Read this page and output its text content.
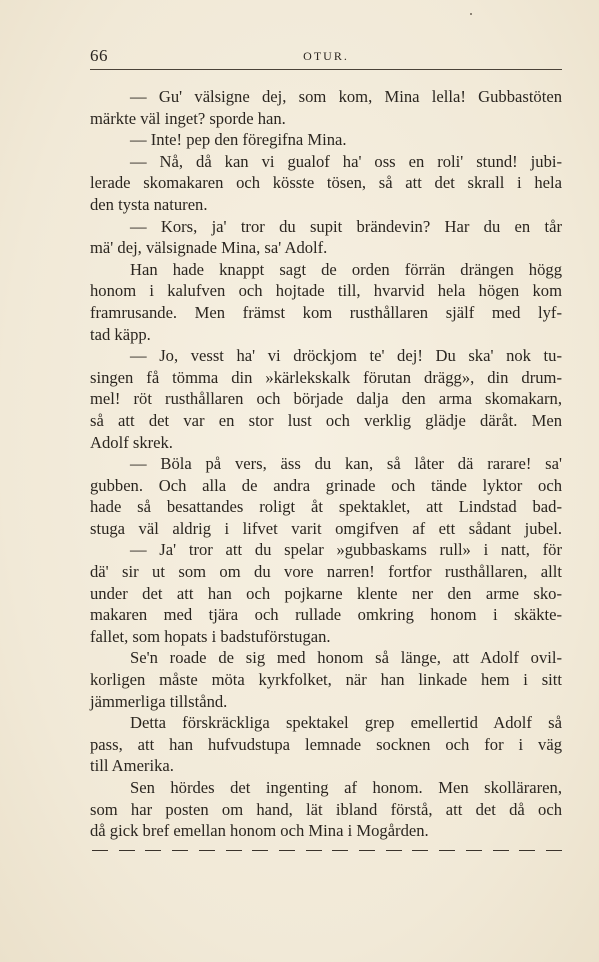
66	OTUR.
— Gu' välsigne dej, som kom, Mina lella! Gubbastöten
märkte väl inget? sporde han.
— Inte! pep den föregifna Mina.
— Nå, då kan vi gualof ha' oss en roli' stund! jubi-
lerade skomakaren och kösste tösen, så att det skrall i hela
den tysta naturen.
— Kors, ja' tror du supit brändevin? Har du en tår
mä' dej, välsignade Mina, sa' Adolf.
Han hade knappt sagt de orden förrän drängen högg
honom i kalufven och hojtade till, hvarvid hela högen kom
framrusande. Men främst kom rusthållaren själf med lyf-
tad käpp.
— Jo, vesst ha' vi dröckjom te' dej! Du ska' nok tu-
singen få tömma din »kärlekskalk förutan drägg», din drum-
mel! röt rusthållaren och började dalja den arma skomakarn,
så att det var en stor lust och verklig glädje däråt. Men
Adolf skrek.
— Böla på vers, äss du kan, så låter dä rarare! sa'
gubben. Och alla de andra grinade och tände lyktor och
hade så besattandes roligt åt spektaklet, att Lindstad bad-
stuga väl aldrig i lifvet varit omgifven af ett sådant jubel.
— Ja' tror att du spelar »gubbaskams rull» i natt, för
dä' sir ut som om du vore narren! fortfor rusthållaren, allt
under det att han och pojkarne klente ner den arme sko-
makaren med tjära och rullade omkring honom i skäkte-
fallet, som hopats i badstuförstugan.
Se'n roade de sig med honom så länge, att Adolf ovil-
korligen måste möta kyrkfolket, när han linkade hem i sitt
jämmerliga tillstånd.
Detta förskräckliga spektakel grep emellertid Adolf så
pass, att han hufvudstupa lemnade socknen och for i väg
till Amerika.
Sen hördes det ingenting af honom. Men skolläraren,
som har posten om hand, lät ibland förstå, att det då och
då gick bref emellan honom och Mina i Mogården.
